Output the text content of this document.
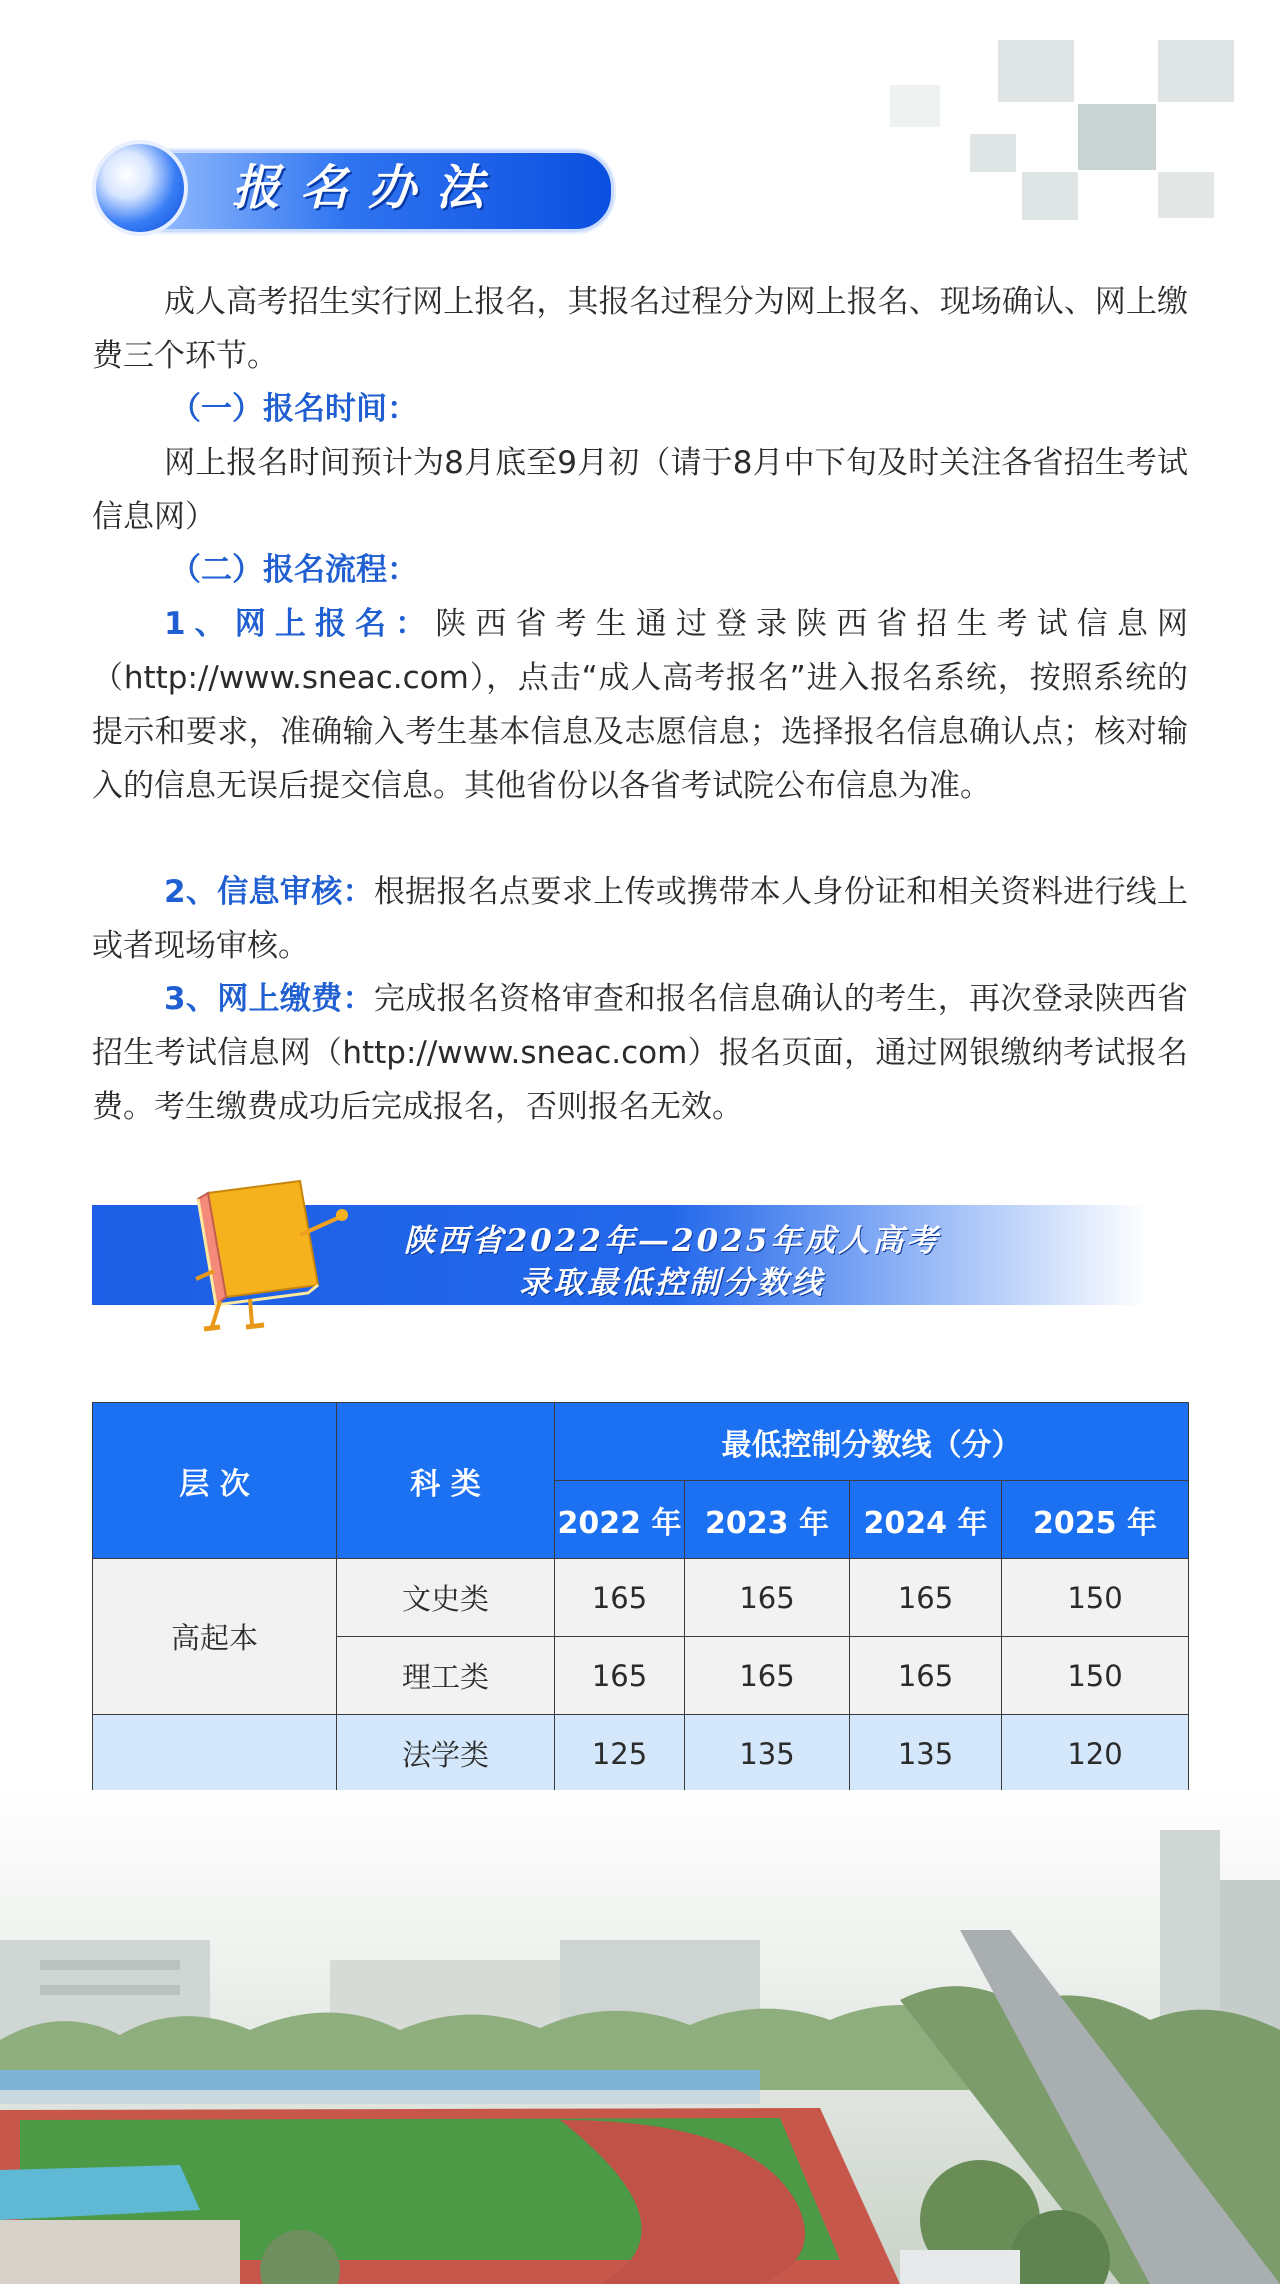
报名办法
成人高考招生实行网上报名，其报名过程分为网上报名、现场确认、网上缴费三个环节。
（一）报名时间：
网上报名时间预计为8月底至9月初（请于8月中下旬及时关注各省招生考试信息网）
（二）报名流程：
1、网上报名：陕西省考生通过登录陕西省招生考试信息网（http://www.sneac.com），点击“成人高考报名”进入报名系统，按照系统的提示和要求，准确输入考生基本信息及志愿信息；选择报名信息确认点；核对输入的信息无误后提交信息。其他省份以各省考试院公布信息为准。
2、信息审核：根据报名点要求上传或携带本人身份证和相关资料进行线上或者现场审核。
3、网上缴费：完成报名资格审查和报名信息确认的考生，再次登录陕西省招生考试信息网（http://www.sneac.com）报名页面，通过网银缴纳考试报名费。考生缴费成功后完成报名，否则报名无效。
陕西省2022年—2025年成人高考
录取最低控制分数线
层 次	科 类	最低控制分数线（分）			
		2022 年	2023 年	2024 年	2025 年
高起本	文史类	165	165	165	150
	理工类	165	165	165	150
	法学类	125	135	135	120
